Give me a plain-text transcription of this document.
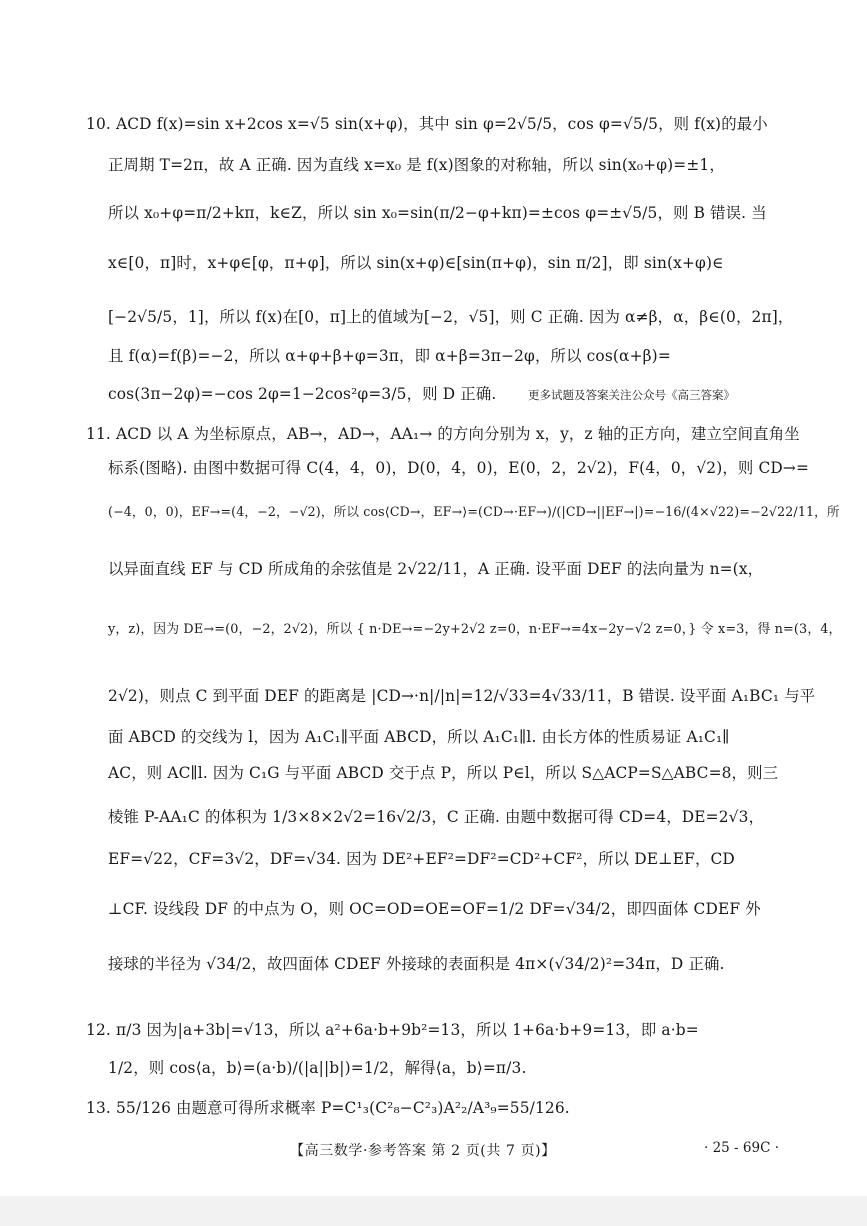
10. ACD f(x)=sin x+2cos x=√5 sin(x+φ)，其中 sin φ=2√5/5，cos φ=√5/5，则 f(x)的最小
正周期 T=2π，故 A 正确. 因为直线 x=x₀ 是 f(x)图象的对称轴，所以 sin(x₀+φ)=±1，
所以 x₀+φ=π/2+kπ，k∈Z，所以 sin x₀=sin(π/2−φ+kπ)=±cos φ=±√5/5，则 B 错误. 当
x∈[0，π]时，x+φ∈[φ，π+φ]，所以 sin(x+φ)∈[sin(π+φ)，sin π/2]，即 sin(x+φ)∈
[−2√5/5，1]，所以 f(x)在[0，π]上的值域为[−2，√5]，则 C 正确. 因为 α≠β，α，β∈(0，2π]，
且 f(α)=f(β)=−2，所以 α+φ+β+φ=3π，即 α+β=3π−2φ，所以 cos(α+β)=
cos(3π−2φ)=−cos 2φ=1−2cos²φ=3/5，则 D 正确.	更多试题及答案关注公众号《高三答案》
11. ACD 以 A 为坐标原点，AB→，AD→，AA₁→ 的方向分别为 x，y，z 轴的正方向，建立空间直角坐
标系(图略). 由图中数据可得 C(4，4，0)，D(0，4，0)，E(0，2，2√2)，F(4，0，√2)，则 CD→=
(−4，0，0)，EF→=(4，−2，−√2)，所以 cos⟨CD→，EF→⟩=(CD→·EF→)/(|CD→||EF→|)=−16/(4×√22)=−2√22/11，所
以异面直线 EF 与 CD 所成角的余弦值是 2√22/11，A 正确. 设平面 DEF 的法向量为 n=(x，
y，z)，因为 DE→=(0，−2，2√2)，所以 { n·DE→=−2y+2√2 z=0，n·EF→=4x−2y−√2 z=0，} 令 x=3，得 n=(3，4，
2√2)，则点 C 到平面 DEF 的距离是 |CD→·n|/|n|=12/√33=4√33/11，B 错误. 设平面 A₁BC₁ 与平
面 ABCD 的交线为 l，因为 A₁C₁∥平面 ABCD，所以 A₁C₁∥l. 由长方体的性质易证 A₁C₁∥
AC，则 AC∥l. 因为 C₁G 与平面 ABCD 交于点 P，所以 P∈l，所以 S△ACP=S△ABC=8，则三
棱锥 P-AA₁C 的体积为 1/3×8×2√2=16√2/3，C 正确. 由题中数据可得 CD=4，DE=2√3，
EF=√22，CF=3√2，DF=√34. 因为 DE²+EF²=DF²=CD²+CF²，所以 DE⊥EF，CD
⊥CF. 设线段 DF 的中点为 O，则 OC=OD=OE=OF=1/2 DF=√34/2，即四面体 CDEF 外
接球的半径为 √34/2，故四面体 CDEF 外接球的表面积是 4π×(√34/2)²=34π，D 正确.
12. π/3 因为|a+3b|=√13，所以 a²+6a·b+9b²=13，所以 1+6a·b+9=13，即 a·b=
1/2，则 cos⟨a，b⟩=(a·b)/(|a||b|)=1/2，解得⟨a，b⟩=π/3.
13. 55/126 由题意可得所求概率 P=C¹₃(C²₈−C²₃)A²₂/A³₉=55/126.
【高三数学·参考答案 第 2 页(共 7 页)】	· 25 - 69C ·
